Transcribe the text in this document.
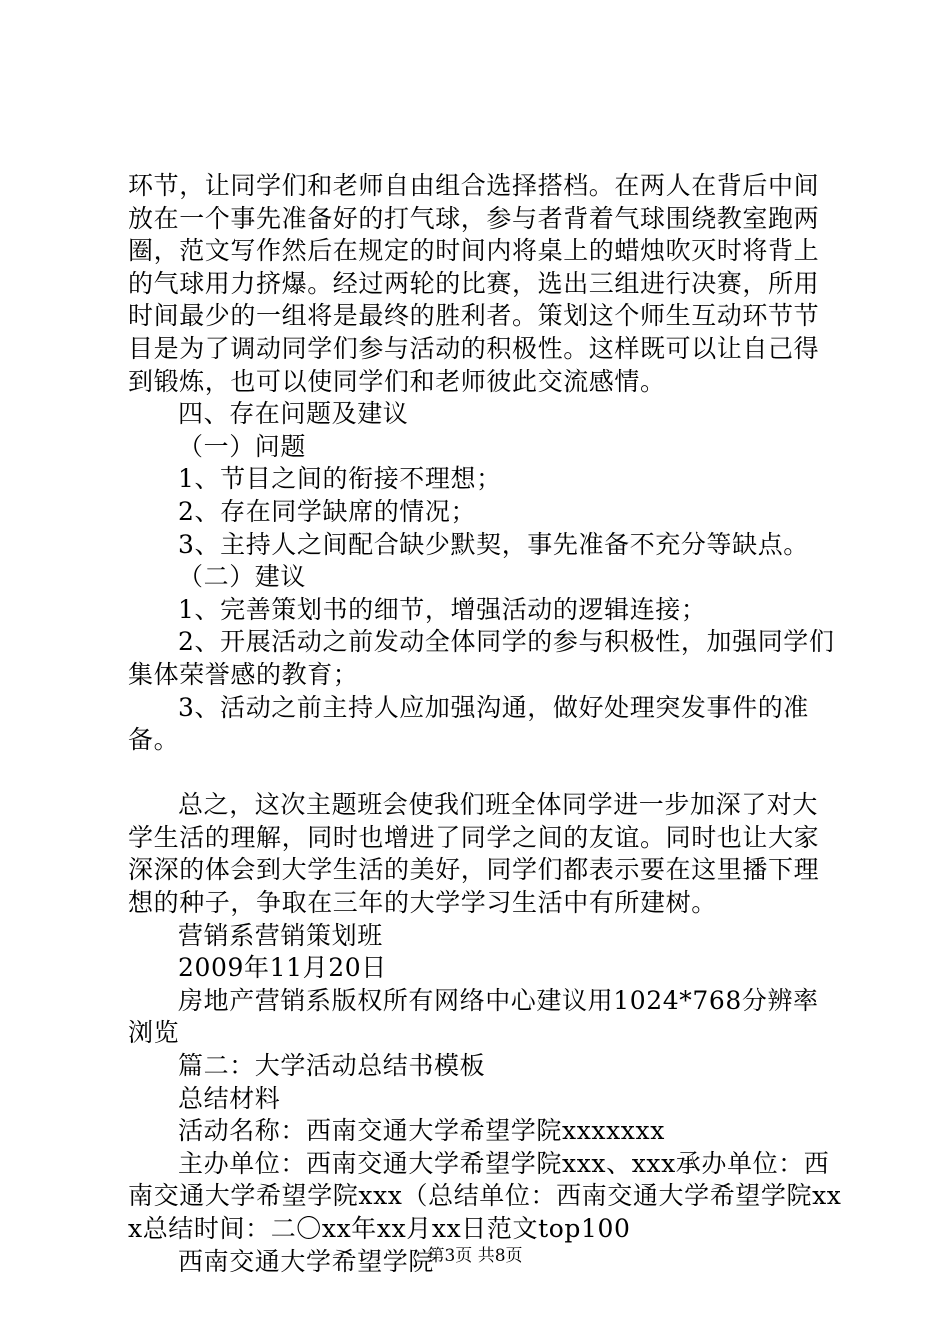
环节，让同学们和老师自由组合选择搭档。在两人在背后中间放在一个事先准备好的打气球，参与者背着气球围绕教室跑两圈，范文写作然后在规定的时间内将桌上的蜡烛吹灭时将背上的气球用力挤爆。经过两轮的比赛，选出三组进行决赛，所用时间最少的一组将是最终的胜利者。策划这个师生互动环节节目是为了调动同学们参与活动的积极性。这样既可以让自己得到锻炼，也可以使同学们和老师彼此交流感情。

四、存在问题及建议

（一）问题

1、节目之间的衔接不理想；

2、存在同学缺席的情况；

3、主持人之间配合缺少默契，事先准备不充分等缺点。

（二）建议

1、完善策划书的细节，增强活动的逻辑连接；

2、开展活动之前发动全体同学的参与积极性，加强同学们集体荣誉感的教育；

3、活动之前主持人应加强沟通，做好处理突发事件的准备。

总之，这次主题班会使我们班全体同学进一步加深了对大学生活的理解，同时也增进了同学之间的友谊。同时也让大家深深的体会到大学生活的美好，同学们都表示要在这里播下理想的种子，争取在三年的大学学习生活中有所建树。

营销系营销策划班

2009年11月20日

房地产营销系版权所有网络中心建议用1024*768分辨率浏览

篇二：大学活动总结书模板

总结材料

活动名称：西南交通大学希望学院xxxxxxx

主办单位：西南交通大学希望学院xxx、xxx承办单位：西南交通大学希望学院xxx（总结单位：西南交通大学希望学院xxx总结时间：二〇xx年xx月xx日范文top100

西南交通大学希望学院

第3页 共8页
